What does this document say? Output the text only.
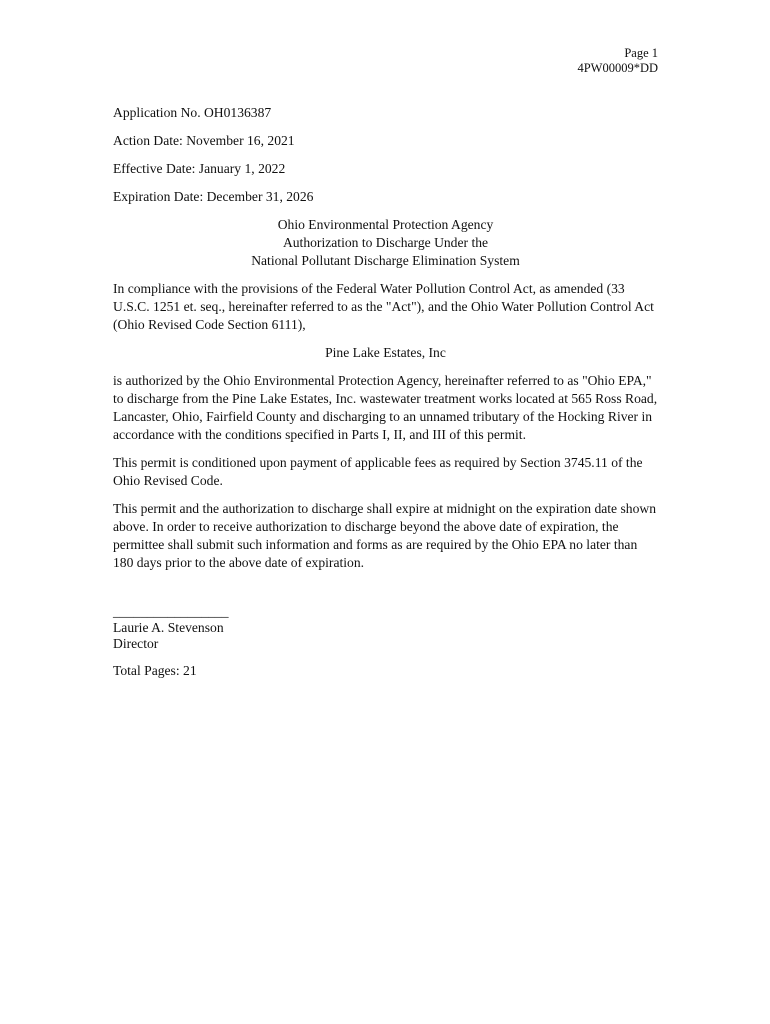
Page 1
4PW00009*DD
Application No. OH0136387
Action Date: November 16, 2021
Effective Date: January 1, 2022
Expiration Date: December 31, 2026
Ohio Environmental Protection Agency
Authorization to Discharge Under the
National Pollutant Discharge Elimination System

In compliance with the provisions of the Federal Water Pollution Control Act, as amended (33 U.S.C. 1251 et. seq., hereinafter referred to as the "Act"), and the Ohio Water Pollution Control Act (Ohio Revised Code Section 6111),

Pine Lake Estates, Inc

is authorized by the Ohio Environmental Protection Agency, hereinafter referred to as "Ohio EPA," to discharge from the Pine Lake Estates, Inc. wastewater treatment works located at 565 Ross Road, Lancaster, Ohio, Fairfield County and discharging to an unnamed tributary of the Hocking River in accordance with the conditions specified in Parts I, II, and III of this permit.

This permit is conditioned upon payment of applicable fees as required by Section 3745.11 of the Ohio Revised Code.

This permit and the authorization to discharge shall expire at midnight on the expiration date shown above. In order to receive authorization to discharge beyond the above date of expiration, the permittee shall submit such information and forms as are required by the Ohio EPA no later than 180 days prior to the above date of expiration.

_________________
Laurie A. Stevenson
Director
Total Pages: 21
